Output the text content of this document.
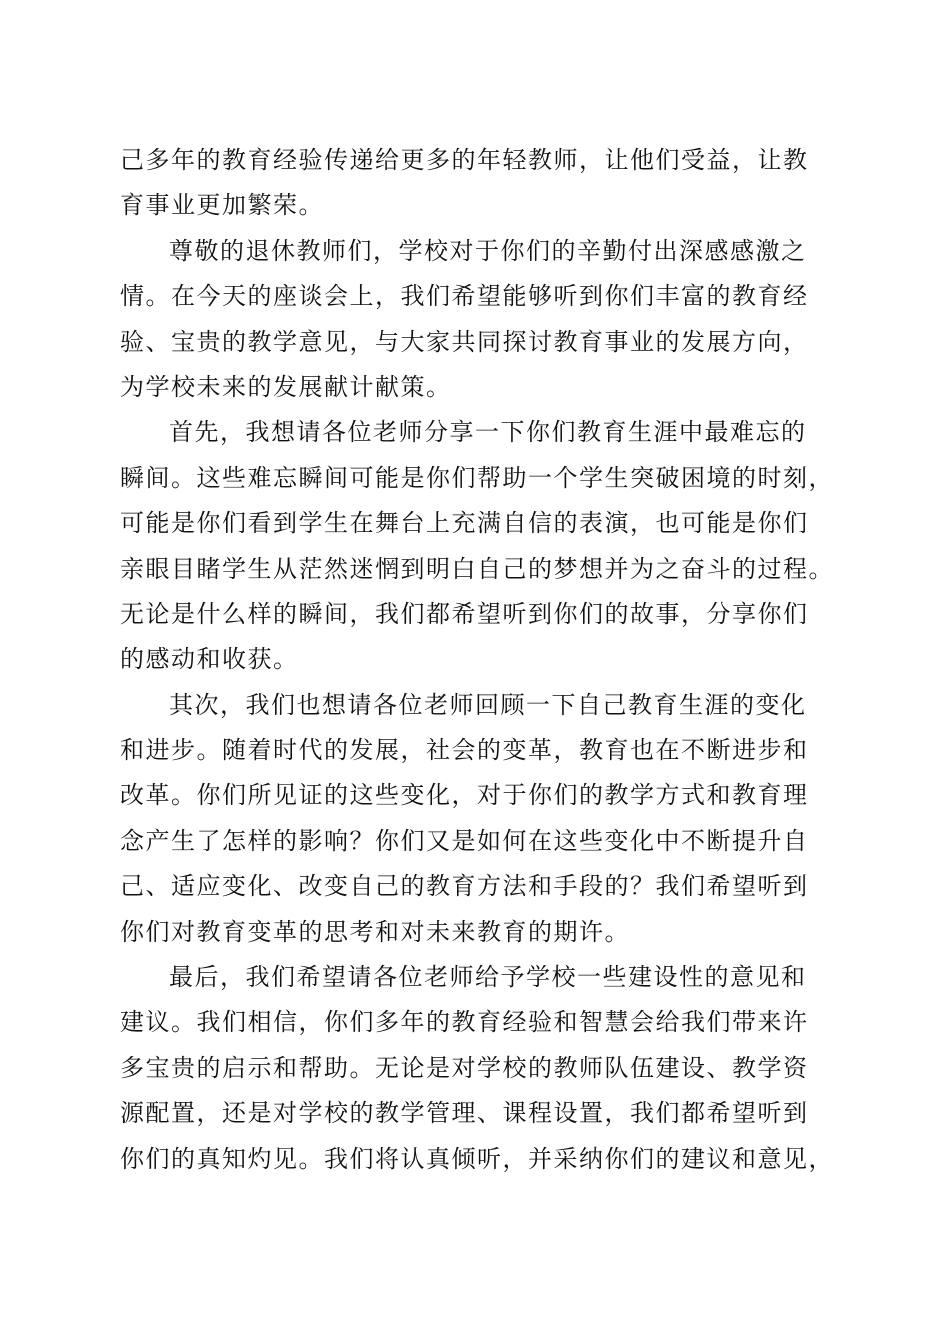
己多年的教育经验传递给更多的年轻教师，让他们受益，让教
育事业更加繁荣。
尊敬的退休教师们，学校对于你们的辛勤付出深感感激之
情。在今天的座谈会上，我们希望能够听到你们丰富的教育经
验、宝贵的教学意见，与大家共同探讨教育事业的发展方向，
为学校未来的发展献计献策。
首先，我想请各位老师分享一下你们教育生涯中最难忘的
瞬间。这些难忘瞬间可能是你们帮助一个学生突破困境的时刻，
可能是你们看到学生在舞台上充满自信的表演，也可能是你们
亲眼目睹学生从茫然迷惘到明白自己的梦想并为之奋斗的过程。
无论是什么样的瞬间，我们都希望听到你们的故事，分享你们
的感动和收获。
其次，我们也想请各位老师回顾一下自己教育生涯的变化
和进步。随着时代的发展，社会的变革，教育也在不断进步和
改革。你们所见证的这些变化，对于你们的教学方式和教育理
念产生了怎样的影响？你们又是如何在这些变化中不断提升自
己、适应变化、改变自己的教育方法和手段的？我们希望听到
你们对教育变革的思考和对未来教育的期许。
最后，我们希望请各位老师给予学校一些建设性的意见和
建议。我们相信，你们多年的教育经验和智慧会给我们带来许
多宝贵的启示和帮助。无论是对学校的教师队伍建设、教学资
源配置，还是对学校的教学管理、课程设置，我们都希望听到
你们的真知灼见。我们将认真倾听，并采纳你们的建议和意见，
